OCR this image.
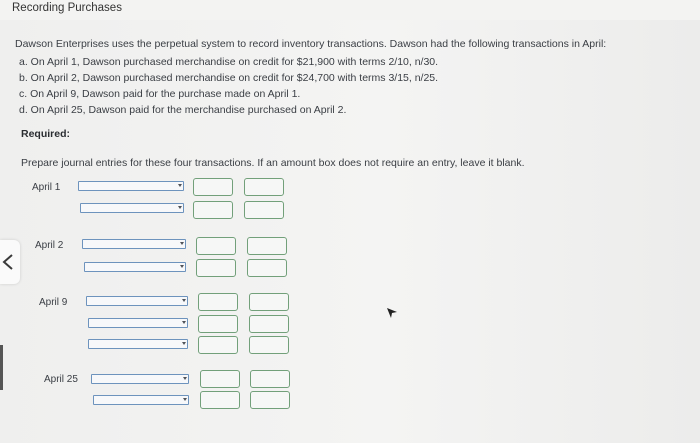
Recording Purchases
Dawson Enterprises uses the perpetual system to record inventory transactions. Dawson had the following transactions in April:
a. On April 1, Dawson purchased merchandise on credit for $21,900 with terms 2/10, n/30.
b. On April 2, Dawson purchased merchandise on credit for $24,700 with terms 3/15, n/25.
c. On April 9, Dawson paid for the purchase made on April 1.
d. On April 25, Dawson paid for the merchandise purchased on April 2.
Required:
Prepare journal entries for these four transactions. If an amount box does not require an entry, leave it blank.
April 1
April 2
April 9
April 25
